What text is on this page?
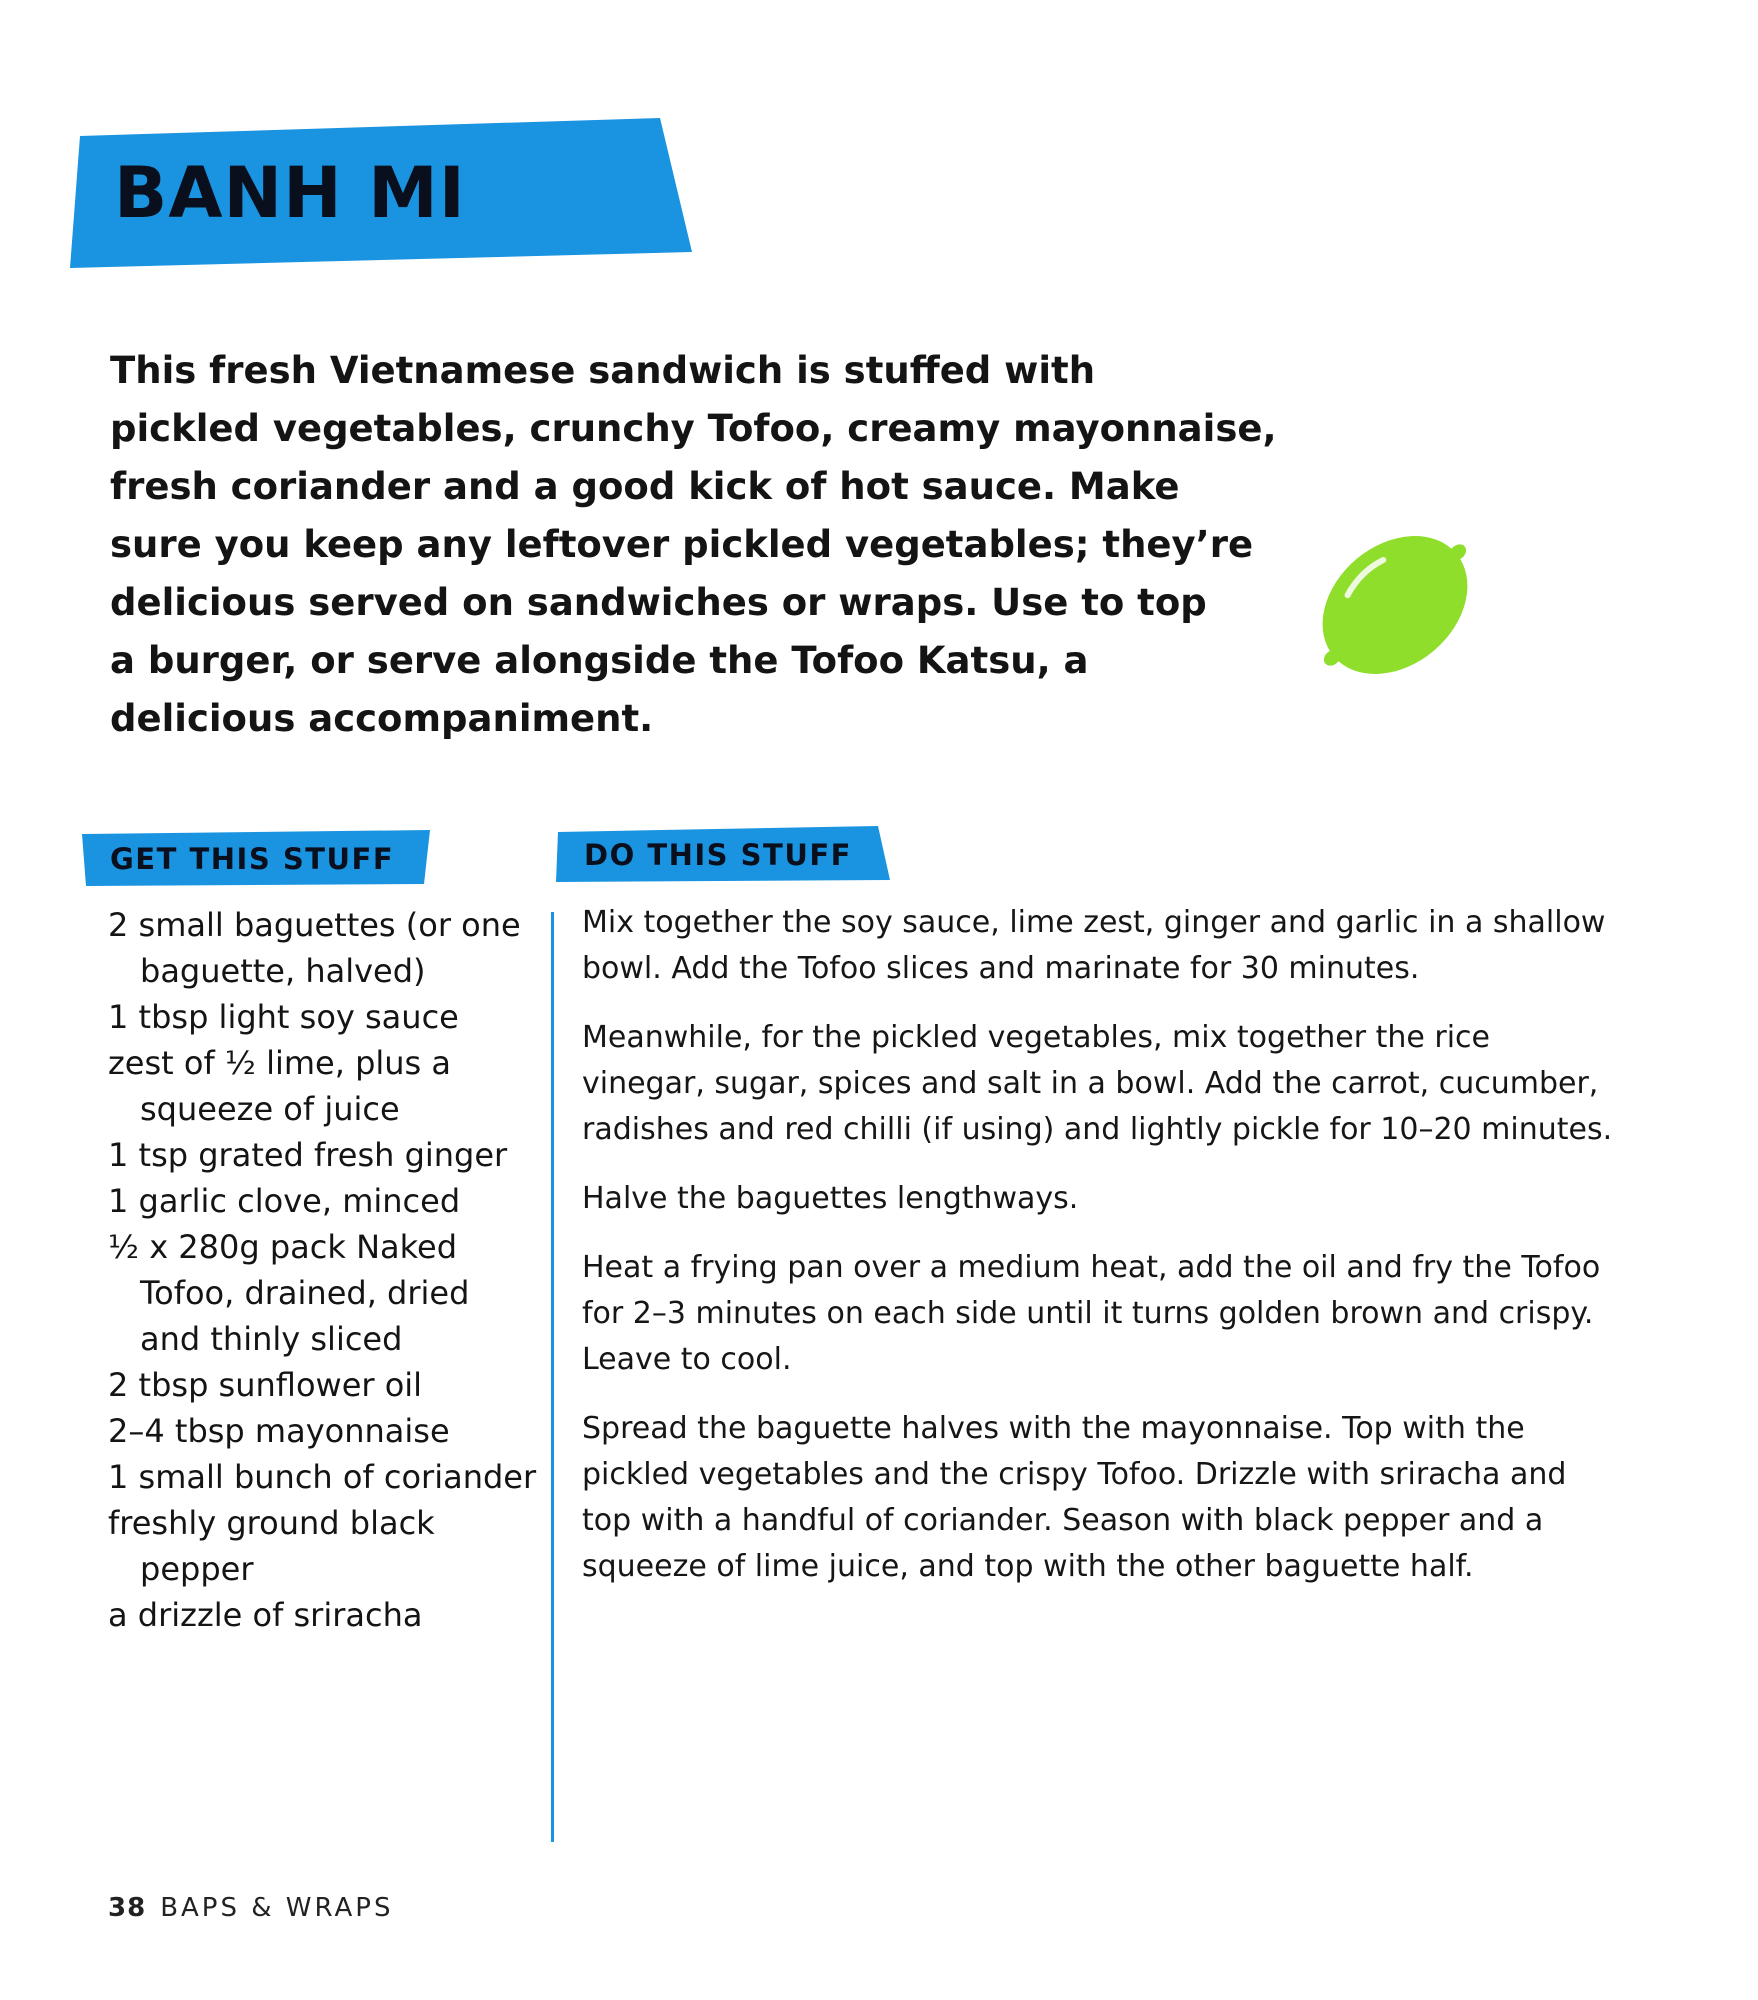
BANH MI
This fresh Vietnamese sandwich is stuffed with
pickled vegetables, crunchy Tofoo, creamy mayonnaise,
fresh coriander and a good kick of hot sauce. Make
sure you keep any leftover pickled vegetables; they’re
delicious served on sandwiches or wraps. Use to top
a burger, or serve alongside the Tofoo Katsu, a
delicious accompaniment.
GET THIS STUFF	DO THIS STUFF
2 small baguettes (or one baguette, halved)
1 tbsp light soy sauce
zest of ½ lime, plus a squeeze of juice
1 tsp grated fresh ginger
1 garlic clove, minced
½ x 280g pack Naked Tofoo, drained, dried and thinly sliced
2 tbsp sunflower oil
2–4 tbsp mayonnaise
1 small bunch of coriander
freshly ground black pepper
a drizzle of sriracha

Mix together the soy sauce, lime zest, ginger and garlic in a shallow
bowl. Add the Tofoo slices and marinate for 30 minutes.

Meanwhile, for the pickled vegetables, mix together the rice
vinegar, sugar, spices and salt in a bowl. Add the carrot, cucumber,
radishes and red chilli (if using) and lightly pickle for 10–20 minutes.

Halve the baguettes lengthways.

Heat a frying pan over a medium heat, add the oil and fry the Tofoo
for 2–3 minutes on each side until it turns golden brown and crispy.
Leave to cool.

Spread the baguette halves with the mayonnaise. Top with the
pickled vegetables and the crispy Tofoo. Drizzle with sriracha and
top with a handful of coriander. Season with black pepper and a
squeeze of lime juice, and top with the other baguette half.

38 BAPS & WRAPS
